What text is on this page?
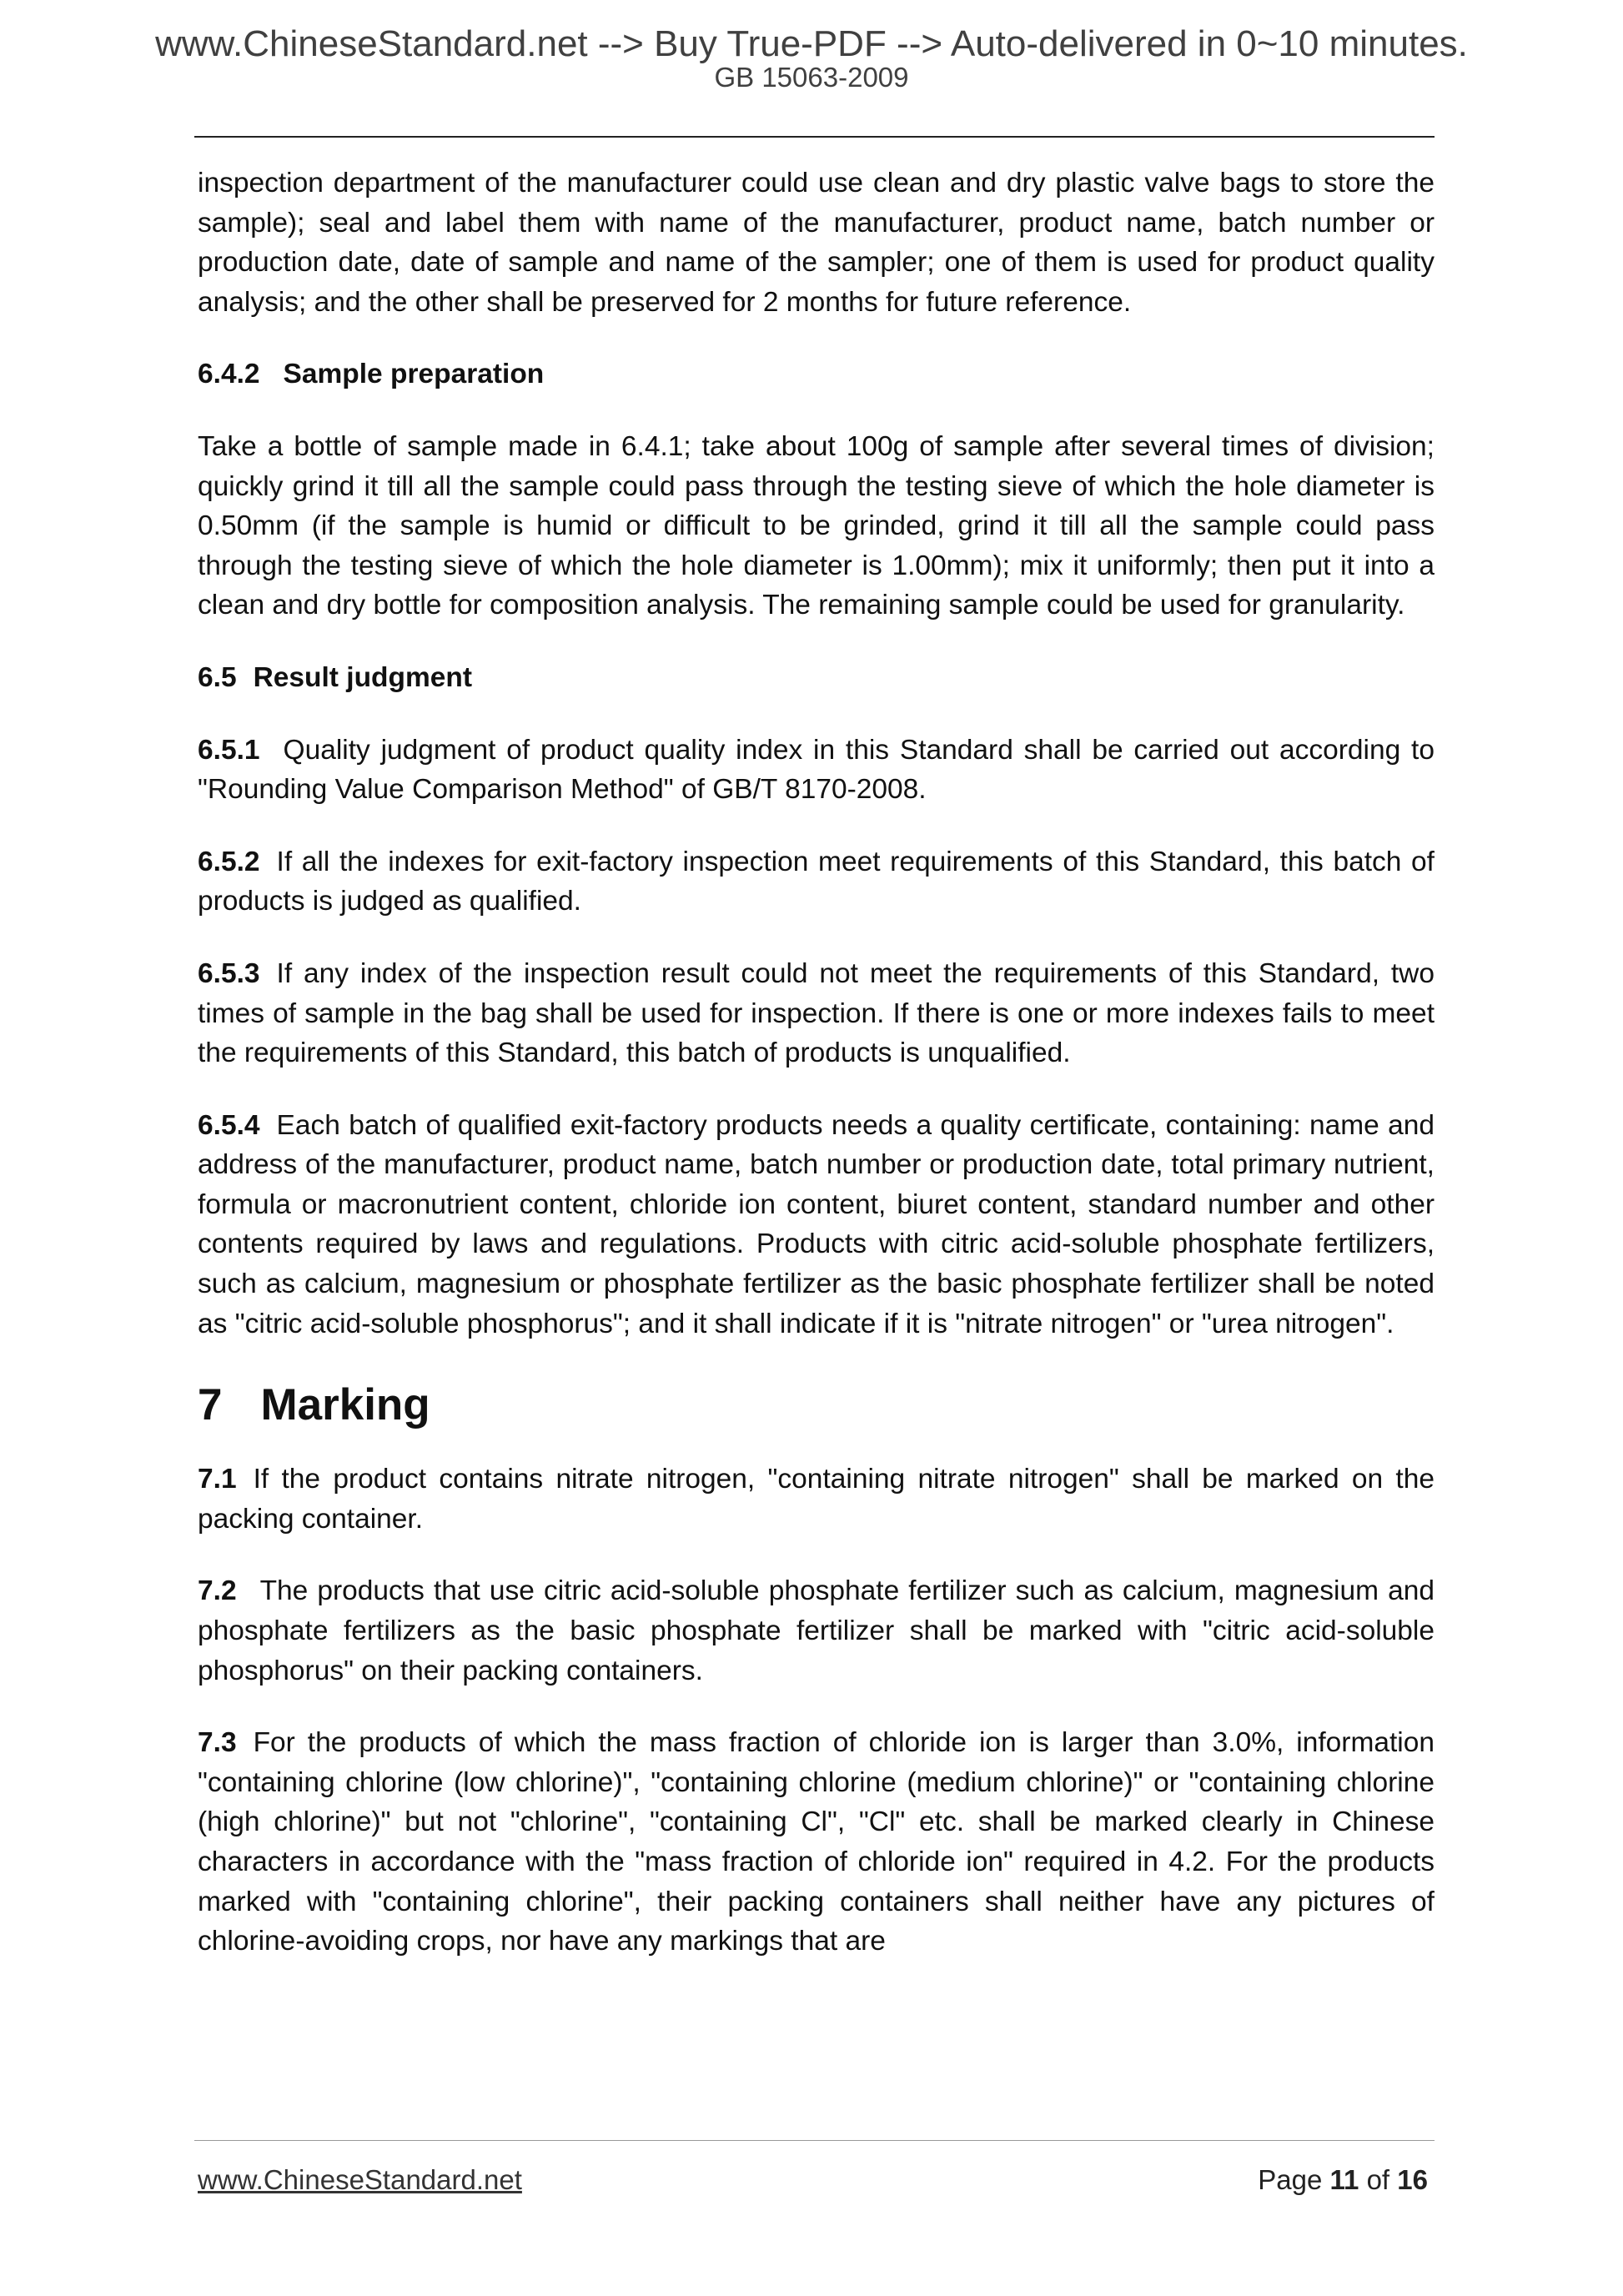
www.ChineseStandard.net --> Buy True-PDF --> Auto-delivered in 0~10 minutes.
GB 15063-2009

inspection department of the manufacturer could use clean and dry plastic valve bags to store the sample); seal and label them with name of the manufacturer, product name, batch number or production date, date of sample and name of the sampler; one of them is used for product quality analysis; and the other shall be preserved for 2 months for future reference.

6.4.2 Sample preparation

Take a bottle of sample made in 6.4.1; take about 100g of sample after several times of division; quickly grind it till all the sample could pass through the testing sieve of which the hole diameter is 0.50mm (if the sample is humid or difficult to be grinded, grind it till all the sample could pass through the testing sieve of which the hole diameter is 1.00mm); mix it uniformly; then put it into a clean and dry bottle for composition analysis. The remaining sample could be used for granularity.

6.5 Result judgment

6.5.1 Quality judgment of product quality index in this Standard shall be carried out according to "Rounding Value Comparison Method" of GB/T 8170-2008.

6.5.2 If all the indexes for exit-factory inspection meet requirements of this Standard, this batch of products is judged as qualified.

6.5.3 If any index of the inspection result could not meet the requirements of this Standard, two times of sample in the bag shall be used for inspection. If there is one or more indexes fails to meet the requirements of this Standard, this batch of products is unqualified.

6.5.4 Each batch of qualified exit-factory products needs a quality certificate, containing: name and address of the manufacturer, product name, batch number or production date, total primary nutrient, formula or macronutrient content, chloride ion content, biuret content, standard number and other contents required by laws and regulations. Products with citric acid-soluble phosphate fertilizers, such as calcium, magnesium or phosphate fertilizer as the basic phosphate fertilizer shall be noted as "citric acid-soluble phosphorus"; and it shall indicate if it is "nitrate nitrogen" or "urea nitrogen".

7 Marking

7.1 If the product contains nitrate nitrogen, "containing nitrate nitrogen" shall be marked on the packing container.

7.2 The products that use citric acid-soluble phosphate fertilizer such as calcium, magnesium and phosphate fertilizers as the basic phosphate fertilizer shall be marked with "citric acid-soluble phosphorus" on their packing containers.

7.3 For the products of which the mass fraction of chloride ion is larger than 3.0%, information "containing chlorine (low chlorine)", "containing chlorine (medium chlorine)" or "containing chlorine (high chlorine)" but not "chlorine", "containing Cl", "Cl" etc. shall be marked clearly in Chinese characters in accordance with the "mass fraction of chloride ion" required in 4.2. For the products marked with "containing chlorine", their packing containers shall neither have any pictures of chlorine-avoiding crops, nor have any markings that are

www.ChineseStandard.net	Page 11 of 16
